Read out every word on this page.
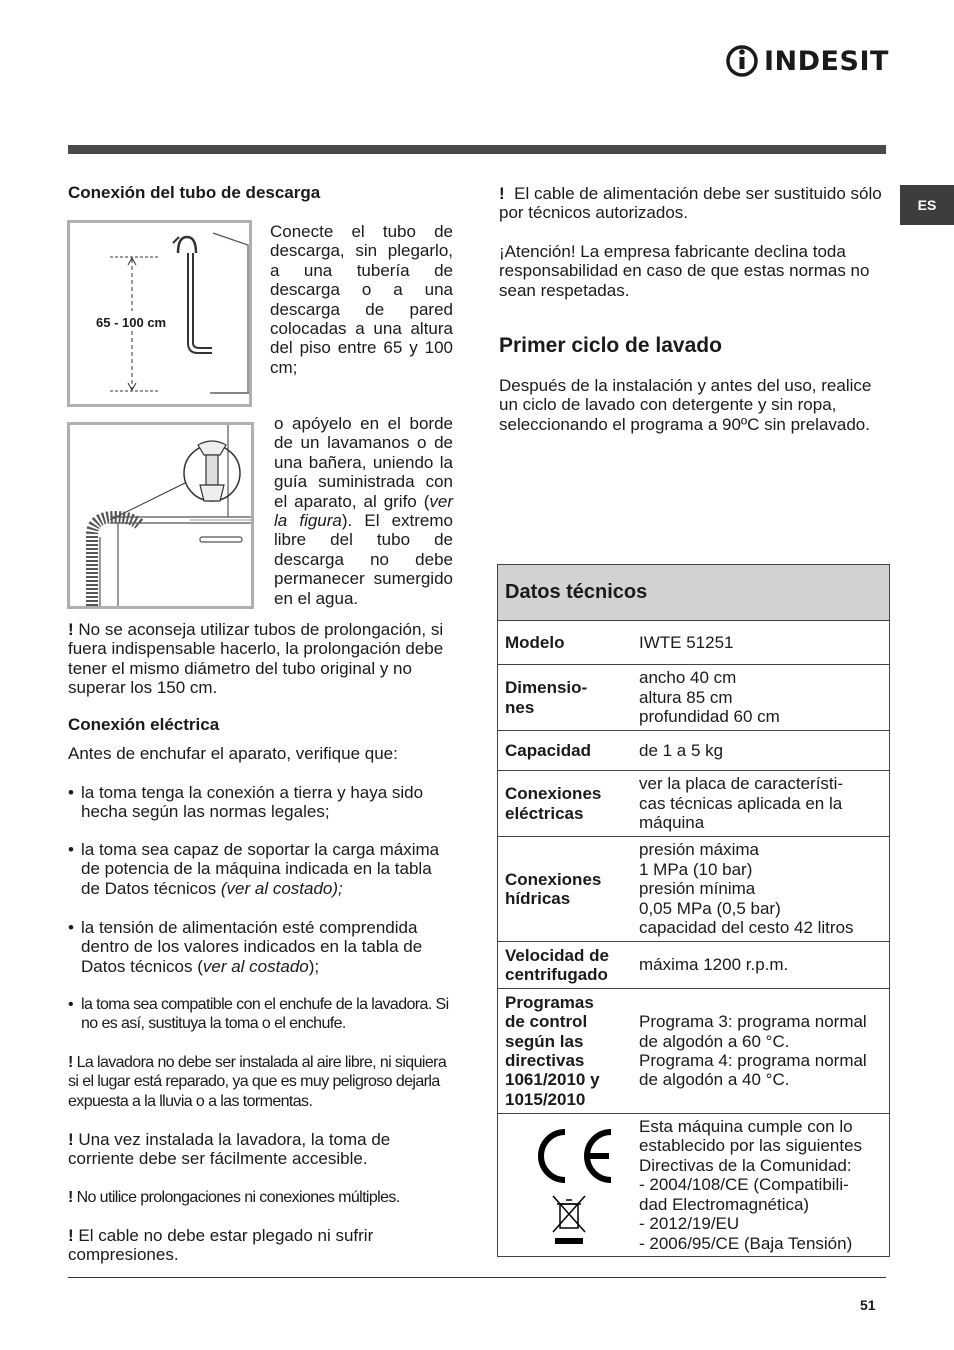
INDESIT
ES
Conexión del tubo de descarga
65 - 100 cm

Conecte el tubo de descarga, sin plegarlo, a una tubería de descarga o a una descarga de pared colocadas a una altura del piso entre 65 y 100 cm;

o apóyelo en el borde de un lavamanos o de una bañera, uniendo la guía suministrada con el aparato, al grifo (ver la figura). El extremo libre del tubo de descarga no debe permanecer sumergido en el agua.

! No se aconseja utilizar tubos de prolongación, si fuera indispensable hacerlo, la prolongación debe tener el mismo diámetro del tubo original y no superar los 150 cm.

Conexión eléctrica

Antes de enchufar el aparato, verifique que:

• la toma tenga la conexión a tierra y haya sido hecha según las normas legales;
• la toma sea capaz de soportar la carga máxima de potencia de la máquina indicada en la tabla de Datos técnicos (ver al costado);
• la tensión de alimentación esté comprendida dentro de los valores indicados en la tabla de Datos técnicos (ver al costado);
• la toma sea compatible con el enchufe de la lavadora. Si no es así, sustituya la toma o el enchufe.

! La lavadora no debe ser instalada al aire libre, ni siquiera si el lugar está reparado, ya que es muy peligroso dejarla expuesta a la lluvia o a las tormentas.

! Una vez instalada la lavadora, la toma de corriente debe ser fácilmente accesible.

! No utilice prolongaciones ni conexiones múltiples.

! El cable no debe estar plegado ni sufrir compresiones.

!  El cable de alimentación debe ser sustituido sólo por técnicos autorizados.

¡Atención! La empresa fabricante declina toda responsabilidad en caso de que estas normas no sean respetadas.

Primer ciclo de lavado

Después de la instalación y antes del uso, realice un ciclo de lavado con detergente y sin ropa, seleccionando el programa a 90ºC sin prelavado.

Datos técnicos
Modelo	IWTE 51251
Dimensio-
nes
ancho 40 cm
altura 85 cm
profundidad 60 cm
Capacidad	de 1 a 5 kg
Conexiones
eléctricas
ver la placa de característi-
cas técnicas aplicada en la
máquina
Conexiones
hídricas
presión máxima
1 MPa (10 bar)
presión mínima
0,05 MPa (0,5 bar)
capacidad del cesto 42 litros
Velocidad de
centrifugado
máxima 1200 r.p.m.
Programas
de control
según las
directivas
1061/2010 y
1015/2010
Programa 3: programa normal
de algodón a 60 °C.
Programa 4: programa normal
de algodón a 40 °C.
Esta máquina cumple con lo
establecido por las siguientes
Directivas de la Comunidad:
- 2004/108/CE (Compatibili-
dad Electromagnética)
- 2012/19/EU
- 2006/95/CE (Baja Tensión)
51
